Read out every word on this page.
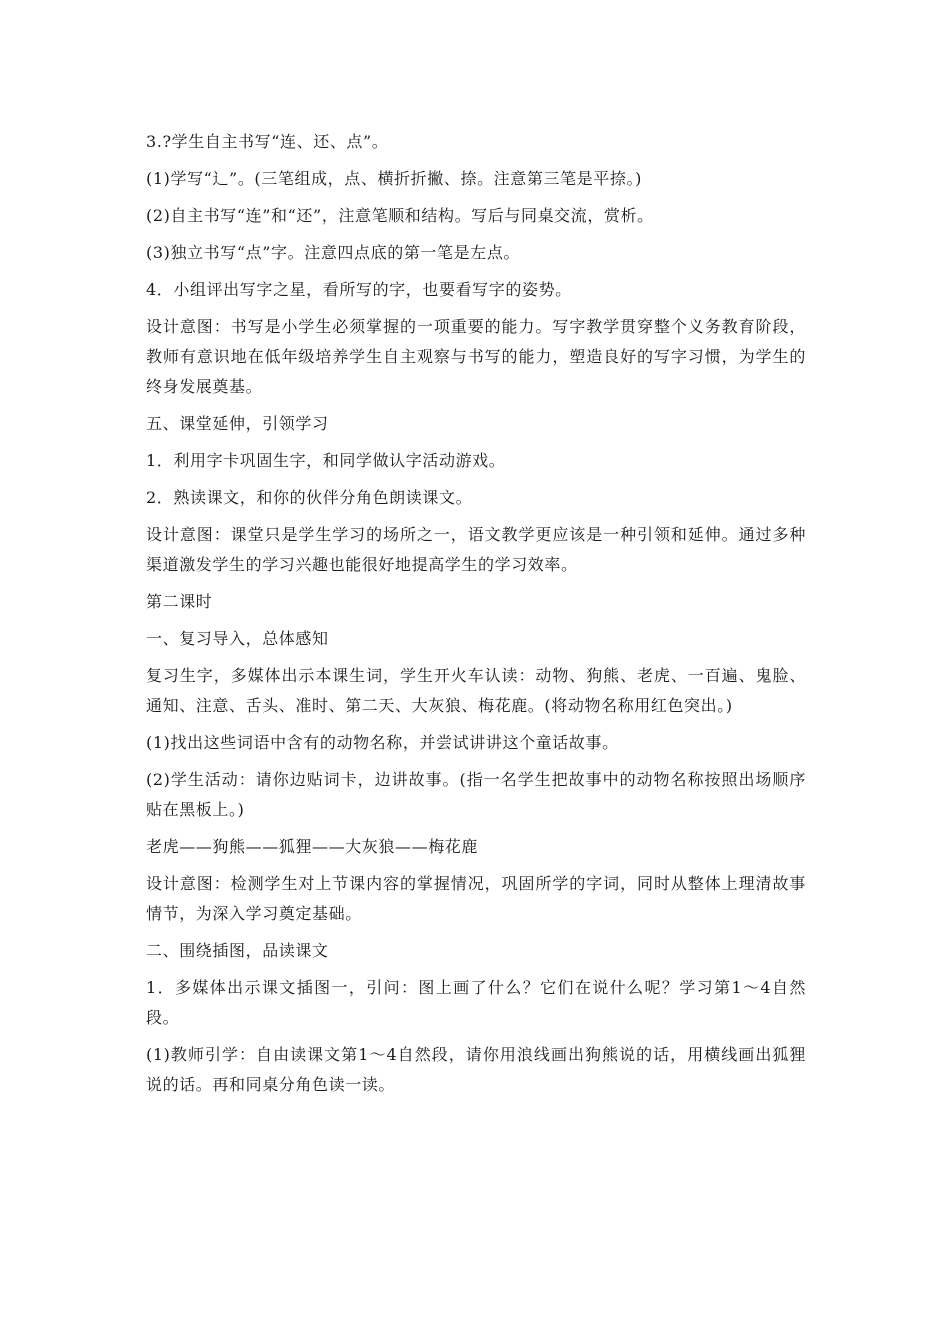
3.?学生自主书写“连、还、点”。

(1)学写“辶”。(三笔组成，点、横折折撇、捺。注意第三笔是平捺。)

(2)自主书写“连”和“还”，注意笔顺和结构。写后与同桌交流，赏析。

(3)独立书写“点”字。注意四点底的第一笔是左点。

4．小组评出写字之星，看所写的字，也要看写字的姿势。

设计意图：书写是小学生必须掌握的一项重要的能力。写字教学贯穿整个义务教育阶段，教师有意识地在低年级培养学生自主观察与书写的能力，塑造良好的写字习惯，为学生的终身发展奠基。

五、课堂延伸，引领学习

1．利用字卡巩固生字，和同学做认字活动游戏。

2．熟读课文，和你的伙伴分角色朗读课文。

设计意图：课堂只是学生学习的场所之一，语文教学更应该是一种引领和延伸。通过多种渠道激发学生的学习兴趣也能很好地提高学生的学习效率。

第二课时

一、复习导入，总体感知

复习生字，多媒体出示本课生词，学生开火车认读：动物、狗熊、老虎、一百遍、鬼脸、通知、注意、舌头、准时、第二天、大灰狼、梅花鹿。(将动物名称用红色突出。)

(1)找出这些词语中含有的动物名称，并尝试讲讲这个童话故事。

(2)学生活动：请你边贴词卡，边讲故事。(指一名学生把故事中的动物名称按照出场顺序贴在黑板上。)

老虎——狗熊——狐狸——大灰狼——梅花鹿

设计意图：检测学生对上节课内容的掌握情况，巩固所学的字词，同时从整体上理清故事情节，为深入学习奠定基础。

二、围绕插图，品读课文

1．多媒体出示课文插图一，引问：图上画了什么？它们在说什么呢？学习第1～4自然段。

(1)教师引学：自由读课文第1～4自然段，请你用浪线画出狗熊说的话，用横线画出狐狸说的话。再和同桌分角色读一读。
